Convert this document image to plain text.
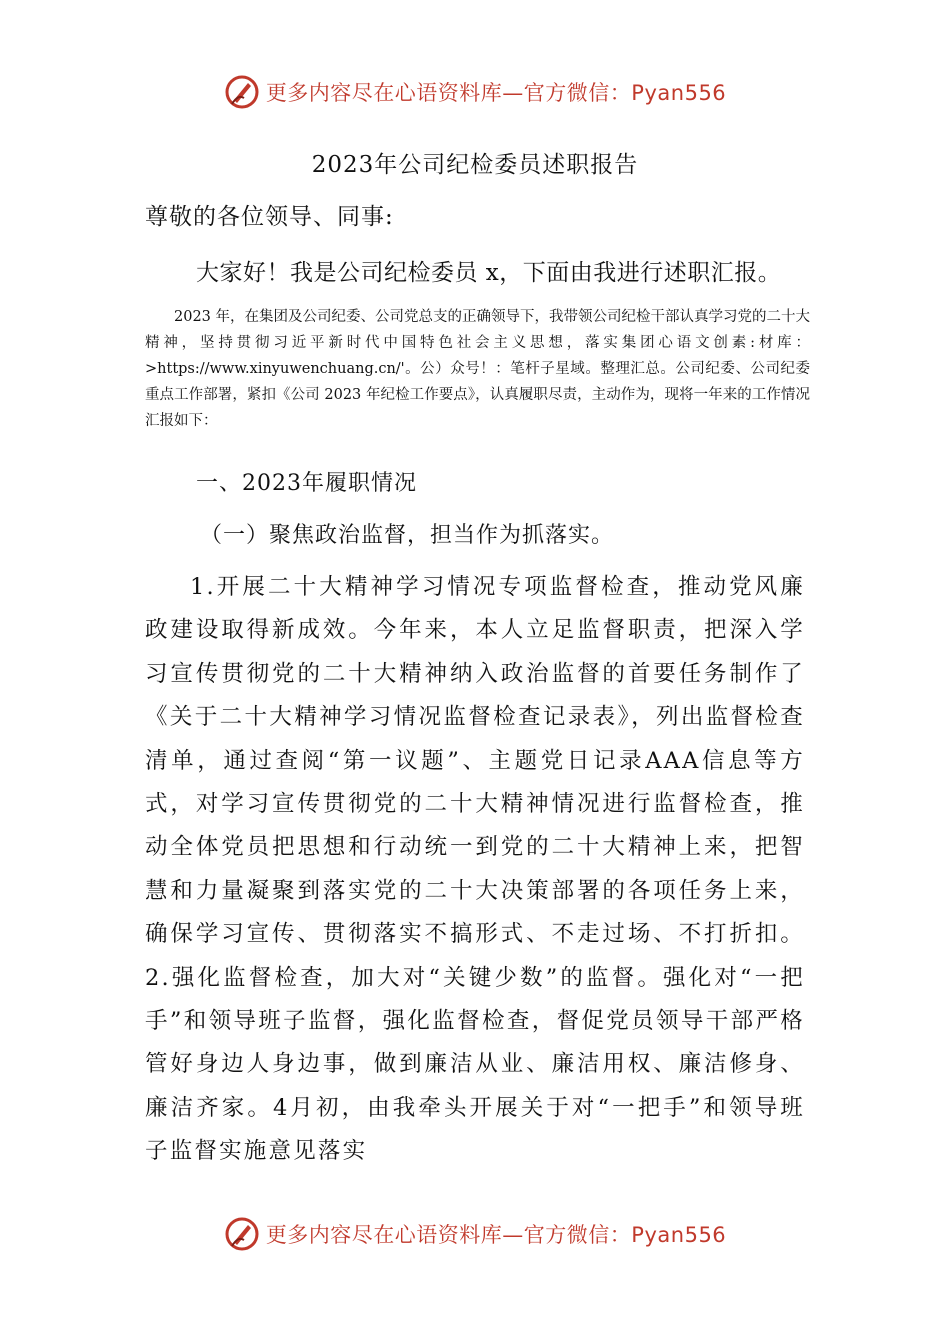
更多内容尽在心语资料库—官方微信：Pyan556
2023年公司纪检委员述职报告
尊敬的各位领导、同事:
大家好！我是公司纪检委员 x，下面由我进行述职汇报。
2023 年，在集团及公司纪委、公司党总支的正确领导下，我带领公司纪检干部认真学习党的二十大精神，坚持贯彻习近平新时代中国特色社会主义思想，落实集团心语文创素:材库：>https://www.xinyuwenchuang.cn/'。公）众号！：笔杆子星域。整理汇总。公司纪委、公司纪委重点工作部署，紧扣《公司 2023 年纪检工作要点》，认真履职尽责，主动作为，现将一年来的工作情况汇报如下：
一、2023年履职情况
（一）聚焦政治监督，担当作为抓落实。
1.开展二十大精神学习情况专项监督检查，推动党风廉政建设取得新成效。今年来，本人立足监督职责，把深入学习宣传贯彻党的二十大精神纳入政治监督的首要任务制作了《关于二十大精神学习情况监督检查记录表》，列出监督检查清单，通过查阅“第一议题”、主题党日记录AAA信息等方式，对学习宣传贯彻党的二十大精神情况进行监督检查，推动全体党员把思想和行动统一到党的二十大精神上来，把智慧和力量凝聚到落实党的二十大决策部署的各项任务上来，确保学习宣传、贯彻落实不搞形式、不走过场、不打折扣。2.强化监督检查，加大对“关键少数”的监督。强化对“一把手”和领导班子监督，强化监督检查，督促党员领导干部严格管好身边人身边事，做到廉洁从业、廉洁用权、廉洁修身、廉洁齐家。4月初，由我牵头开展关于对“一把手”和领导班子监督实施意见落实
更多内容尽在心语资料库—官方微信：Pyan556
